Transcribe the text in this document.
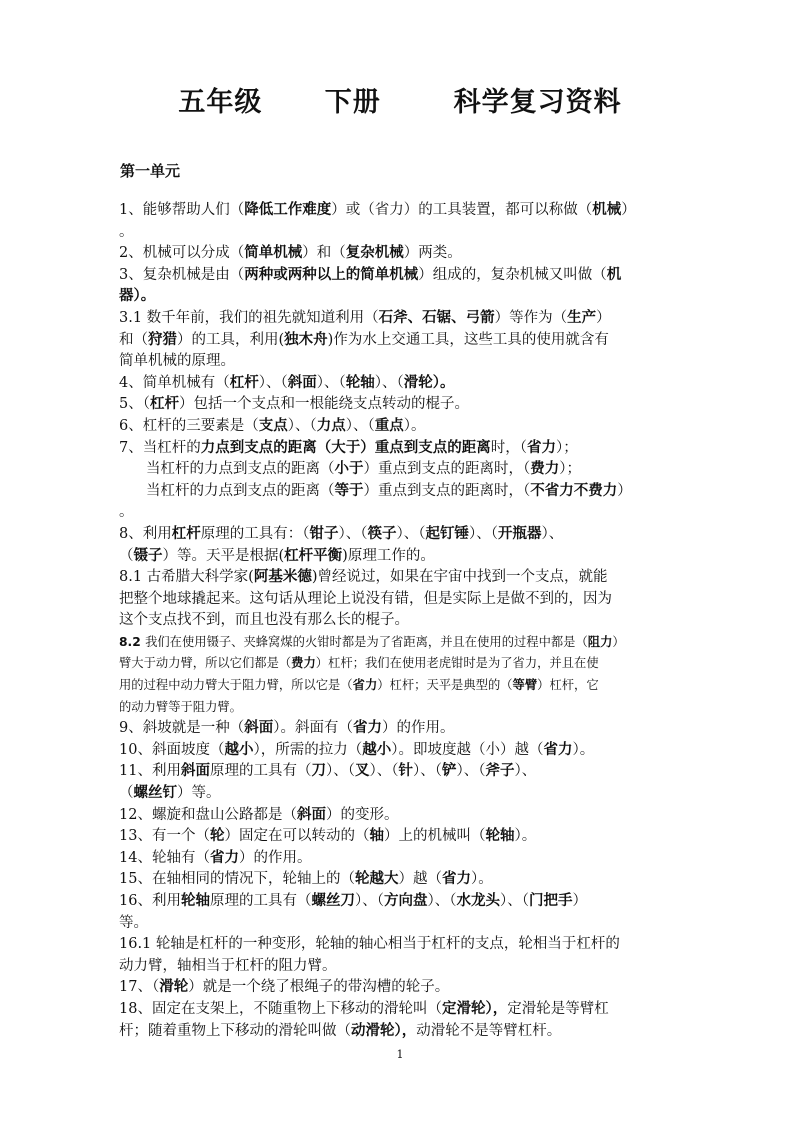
五年级      下册       科学复习资料
第一单元
1、能够帮助人们（降低工作难度）或（省力）的工具装置，都可以称做（机械）
。
2、机械可以分成（简单机械）和（复杂机械）两类。
3、复杂机械是由（两种或两种以上的简单机械）组成的，复杂机械又叫做（机
器）。
3.1 数千年前，我们的祖先就知道利用（石斧、石锯、弓箭）等作为（生产）
和（狩猎）的工具，利用(独木舟)作为水上交通工具，这些工具的使用就含有
简单机械的原理。
4、简单机械有（杠杆）、（斜面）、（轮轴）、（滑轮）。
5、（杠杆）包括一个支点和一根能绕支点转动的棍子。
6、杠杆的三要素是（支点）、（力点）、（重点）。
7、当杠杆的力点到支点的距离（大于）重点到支点的距离时，（省力）；
当杠杆的力点到支点的距离（小于）重点到支点的距离时，（费力）；
当杠杆的力点到支点的距离（等于）重点到支点的距离时，（不省力不费力）
。
8、利用杠杆原理的工具有：（钳子）、（筷子）、（起钉锤）、（开瓶器）、
（镊子）等。天平是根据(杠杆平衡)原理工作的。
8.1 古希腊大科学家(阿基米德)曾经说过，如果在宇宙中找到一个支点，就能
把整个地球撬起来。这句话从理论上说没有错，但是实际上是做不到的，因为
这个支点找不到，而且也没有那么长的棍子。
8.2 我们在使用镊子、夹蜂窝煤的火钳时都是为了省距离，并且在使用的过程中都是（阻力）
臂大于动力臂，所以它们都是（费力）杠杆；我们在使用老虎钳时是为了省力，并且在使
用的过程中动力臂大于阻力臂，所以它是（省力）杠杆；天平是典型的（等臂）杠杆，它
的动力臂等于阻力臂。
9、斜坡就是一种（斜面）。斜面有（省力）的作用。
10、斜面坡度（越小），所需的拉力（越小）。即坡度越（小）越（省力）。
11、利用斜面原理的工具有（刀）、（叉）、（针）、（铲）、（斧子）、
（螺丝钉）等。
12、螺旋和盘山公路都是（斜面）的变形。
13、有一个（轮）固定在可以转动的（轴）上的机械叫（轮轴）。
14、轮轴有（省力）的作用。
15、在轴相同的情况下，轮轴上的（轮越大）越（省力）。
16、利用轮轴原理的工具有（螺丝刀）、（方向盘）、（水龙头）、（门把手）
等。
16.1 轮轴是杠杆的一种变形，轮轴的轴心相当于杠杆的支点，轮相当于杠杆的
动力臂，轴相当于杠杆的阻力臂。
17、（滑轮）就是一个绕了根绳子的带沟槽的轮子。
18、固定在支架上，不随重物上下移动的滑轮叫（定滑轮），定滑轮是等臂杠
杆；随着重物上下移动的滑轮叫做（动滑轮），动滑轮不是等臂杠杆。
1
